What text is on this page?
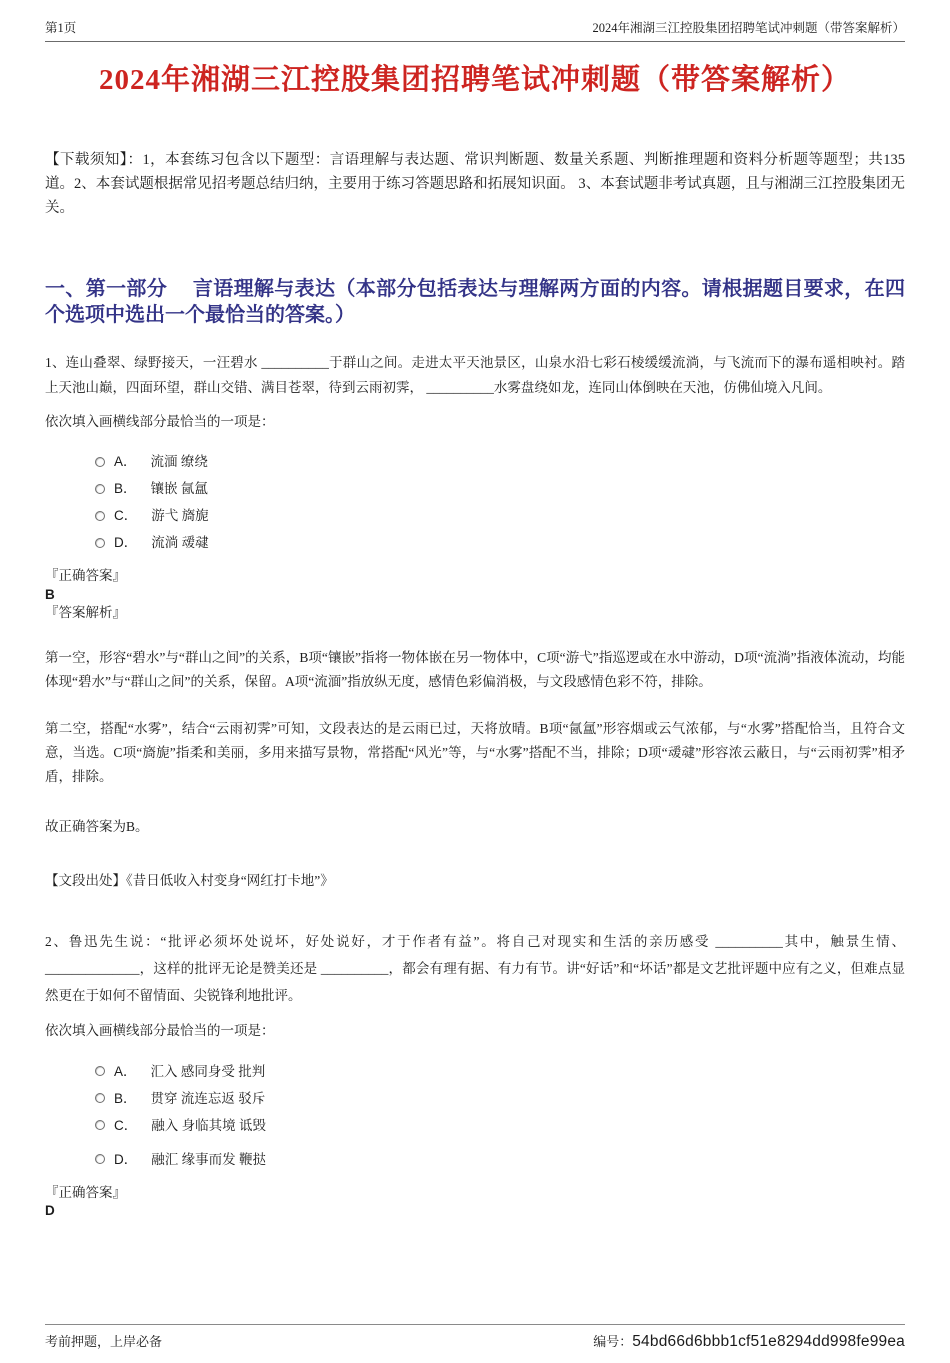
第1页	2024年湘湖三江控股集团招聘笔试冲刺题（带答案解析）
2024年湘湖三江控股集团招聘笔试冲刺题（带答案解析）

【下载须知】：1，本套练习包含以下题型：言语理解与表达题、常识判断题、数量关系题、判断推理题和资料分析题等题型；共135道。2、本套试题根据常见招考题总结归纳，主要用于练习答题思路和拓展知识面。 3、本套试题非考试真题，且与湘湖三江控股集团无关。

一、第一部分　 言语理解与表达（本部分包括表达与理解两方面的内容。请根据题目要求，在四个选项中选出一个最恰当的答案。）

1、连山叠翠、绿野接天，一汪碧水 __________于群山之间。走进太平天池景区，山泉水沿七彩石棱缓缓流淌，与飞流而下的瀑布遥相映衬。踏上天池山巅，四面环望，群山交错、满目苍翠，待到云雨初霁， __________水雾盘绕如龙，连同山体倒映在天池，仿佛仙境入凡间。

依次填入画横线部分最恰当的一项是：

A． 流湎 缭绕
B． 镶嵌 氤氲
C． 游弋 旖旎
D． 流淌 叆叇
『正确答案』
B
『答案解析』

第一空，形容“碧水”与“群山之间”的关系，B项“镶嵌”指将一物体嵌在另一物体中，C项“游弋”指巡逻或在水中游动，D项“流淌”指液体流动，均能体现“碧水”与“群山之间”的关系，保留。A项“流湎”指放纵无度，感情色彩偏消极，与文段感情色彩不符，排除。

第二空，搭配“水雾”，结合“云雨初霁”可知，文段表达的是云雨已过，天将放晴。B项“氤氲”形容烟或云气浓郁，与“水雾”搭配恰当，且符合文意，当选。C项“旖旎”指柔和美丽，多用来描写景物，常搭配“风光”等，与“水雾”搭配不当，排除；D项“叆叇”形容浓云蔽日，与“云雨初霁”相矛盾，排除。

故正确答案为B。

【文段出处】《昔日低收入村变身“网红打卡地”》

2、鲁迅先生说：“批评必须坏处说坏，好处说好，才于作者有益”。将自己对现实和生活的亲历感受 __________其中，触景生情、______________，这样的批评无论是赞美还是 __________，都会有理有据、有力有节。讲“好话”和“坏话”都是文艺批评题中应有之义，但难点显然更在于如何不留情面、尖锐锋利地批评。

依次填入画横线部分最恰当的一项是：

A． 汇入 感同身受 批判
B． 贯穿 流连忘返 驳斥
C． 融入 身临其境 诋毁
D． 融汇 缘事而发 鞭挞
『正确答案』
D
考前押题，上岸必备	编号： 54bd66d6bbb1cf51e8294dd998fe99ea
